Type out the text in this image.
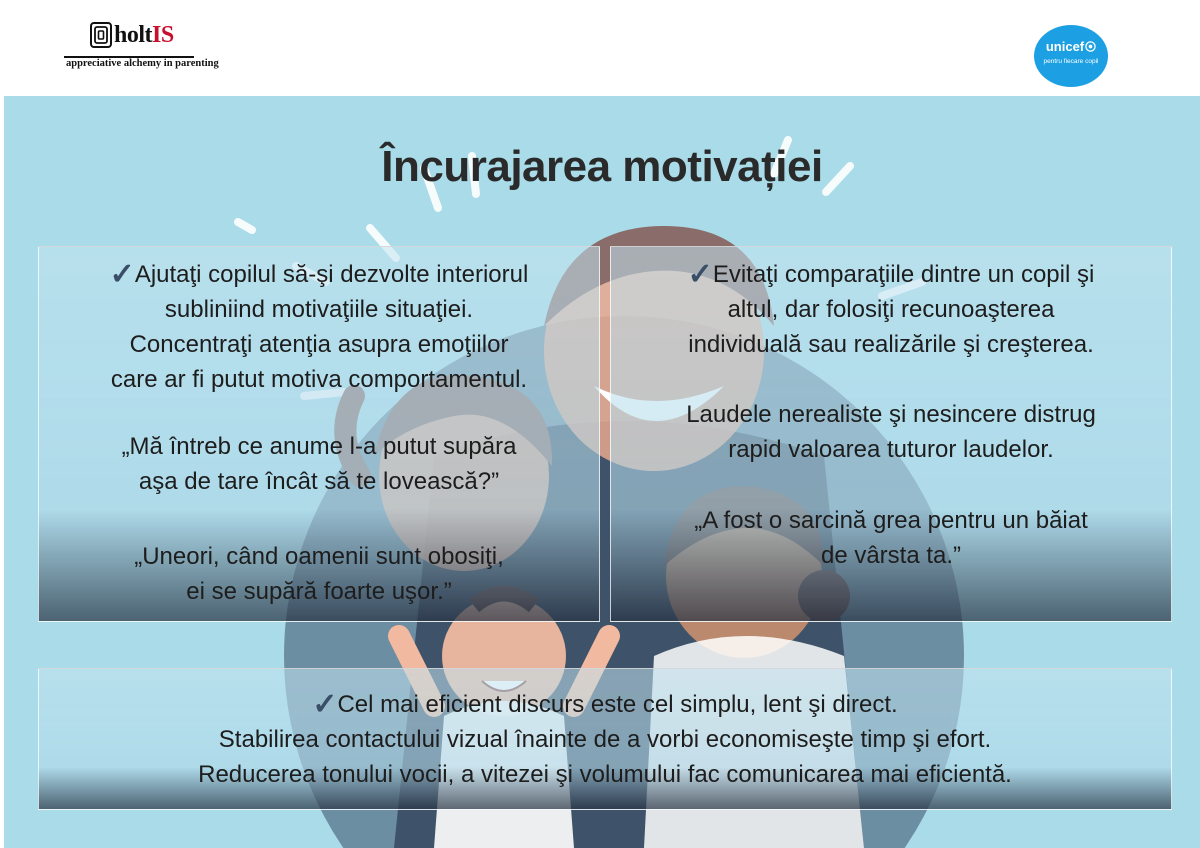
holtIS
appreciative alchemy in parenting
unicef
pentru fiecare copil
Încurajarea motivației
✓Ajutaţi copilul să-şi dezvolte interiorul
subliniind motivaţiile situaţiei.
Concentraţi atenţia asupra emoţiilor
care ar fi putut motiva comportamentul.
„Mă întreb ce anume l-a putut supăra
aşa de tare încât să te lovească?”
„Uneori, când oamenii sunt obosiţi,
ei se supără foarte uşor.”
✓Evitaţi comparaţiile dintre un copil şi
altul, dar folosiţi recunoaşterea
individuală sau realizările şi creşterea.
Laudele nerealiste şi nesincere distrug
rapid valoarea tuturor laudelor.
„A fost o sarcină grea pentru un băiat
de vârsta ta.”
✓Cel mai eficient discurs este cel simplu, lent şi direct.
Stabilirea contactului vizual înainte de a vorbi economiseşte timp şi efort.
Reducerea tonului vocii, a vitezei şi volumului fac comunicarea mai eficientă.
